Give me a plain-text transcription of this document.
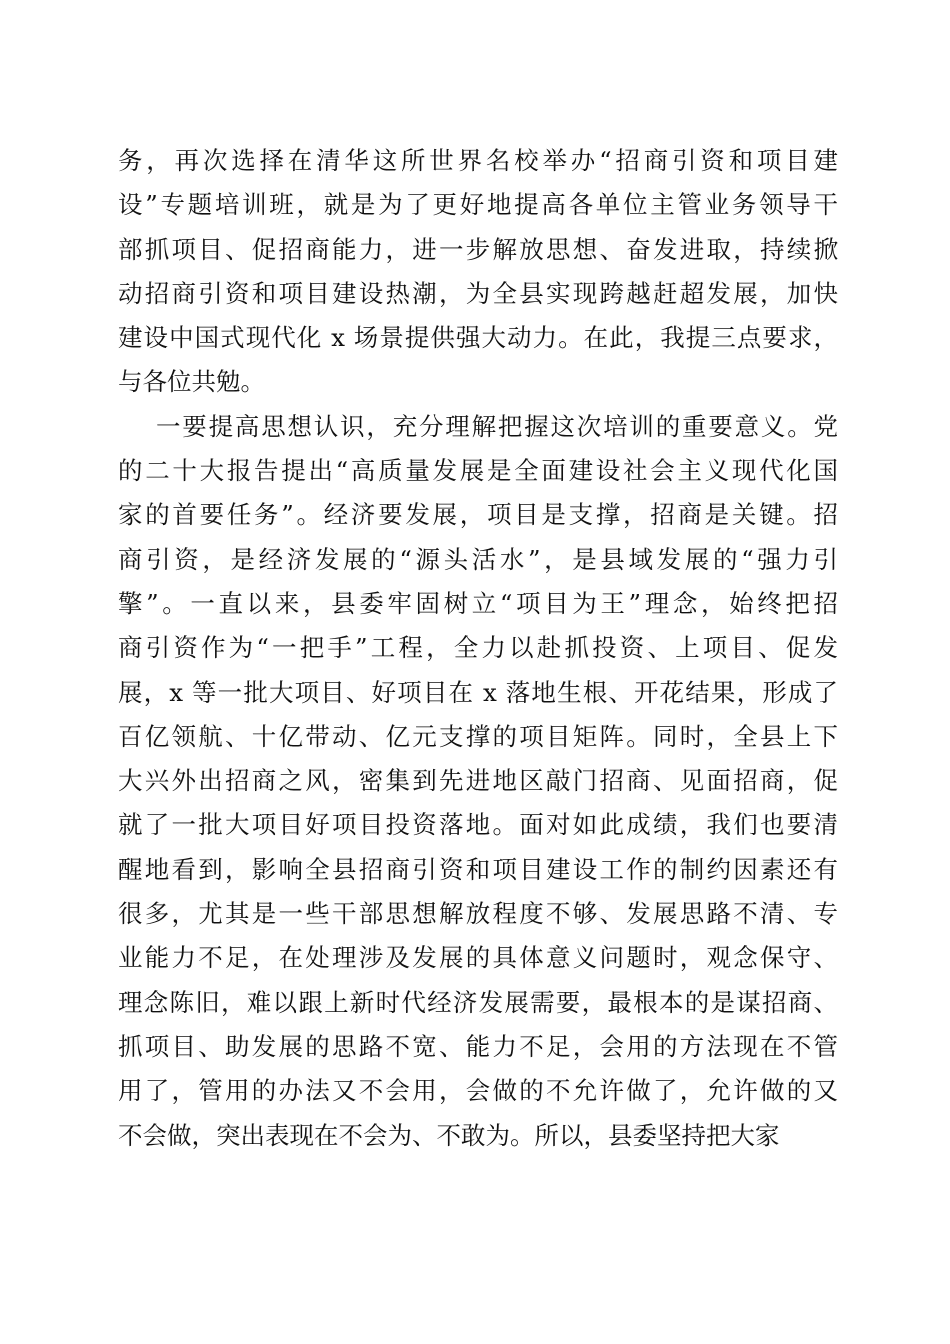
务，再次选择在清华这所世界名校举办“招商引资和项目建
设”专题培训班，就是为了更好地提高各单位主管业务领导干
部抓项目、促招商能力，进一步解放思想、奋发进取，持续掀
动招商引资和项目建设热潮，为全县实现跨越赶超发展，加快
建设中国式现代化 x 场景提供强大动力。在此，我提三点要求，
与各位共勉。
一要提高思想认识，充分理解把握这次培训的重要意义。党
的二十大报告提出“高质量发展是全面建设社会主义现代化国
家的首要任务”。经济要发展，项目是支撑，招商是关键。招
商引资，是经济发展的“源头活水”，是县域发展的“强力引
擎”。一直以来，县委牢固树立“项目为王”理念，始终把招
商引资作为“一把手”工程，全力以赴抓投资、上项目、促发
展，x 等一批大项目、好项目在 x 落地生根、开花结果，形成了
百亿领航、十亿带动、亿元支撑的项目矩阵。同时，全县上下
大兴外出招商之风，密集到先进地区敲门招商、见面招商，促
就了一批大项目好项目投资落地。面对如此成绩，我们也要清
醒地看到，影响全县招商引资和项目建设工作的制约因素还有
很多，尤其是一些干部思想解放程度不够、发展思路不清、专
业能力不足，在处理涉及发展的具体意义问题时，观念保守、
理念陈旧，难以跟上新时代经济发展需要，最根本的是谋招商、
抓项目、助发展的思路不宽、能力不足，会用的方法现在不管
用了，管用的办法又不会用，会做的不允许做了，允许做的又
不会做，突出表现在不会为、不敢为。所以，县委坚持把大家
